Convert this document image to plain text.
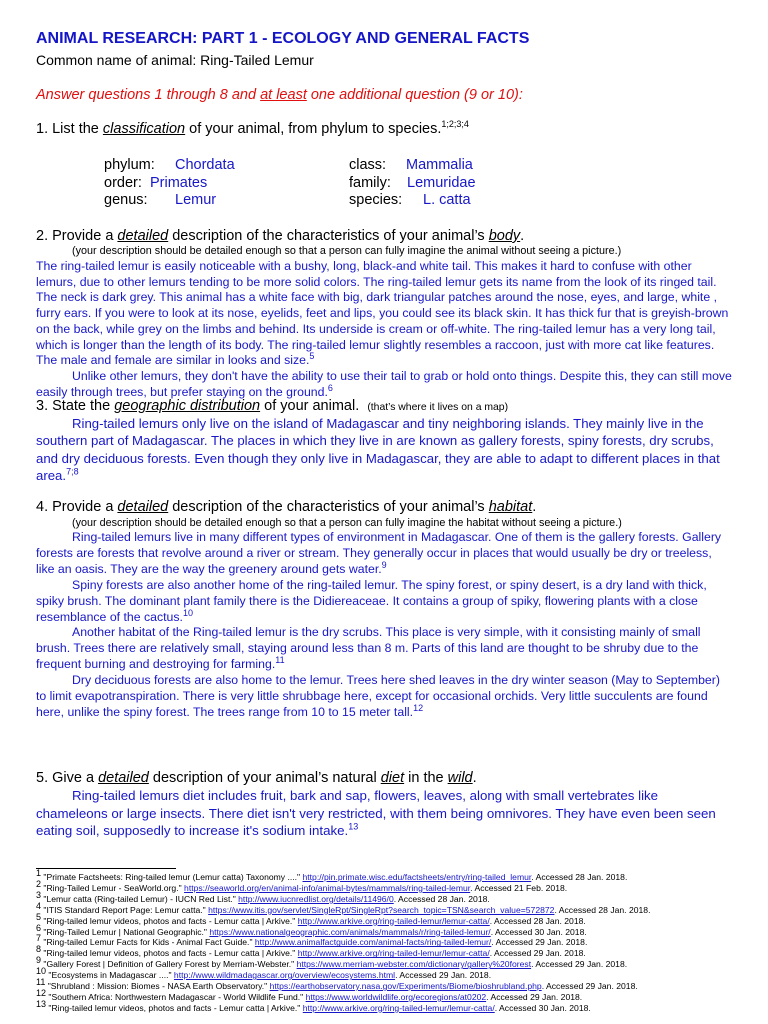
ANIMAL RESEARCH: PART 1 - ECOLOGY AND GENERAL FACTS
Common name of animal: Ring-Tailed Lemur
Answer questions 1 through 8 and at least one additional question (9 or 10):
1. List the classification of your animal, from phylum to species.$^{1;2;3;4}$
phylum: Chordata	class: Mammalia
order: Primates	family: Lemuridae
genus: Lemur	species: L. catta
2. Provide a detailed description of the characteristics of your animal’s body.
(your description should be detailed enough so that a person can fully imagine the animal without seeing a picture.)

The ring-tailed lemur is easily noticeable with a bushy, long, black-and white tail. This makes it hard to confuse with other lemurs, due to other lemurs tending to be more solid colors. The ring-tailed lemur gets its name from the look of its ringed tail. The neck is dark grey. This animal has a white face with big, dark triangular patches around the nose, eyes, and large, white , furry ears. If you were to look at its nose, eyelids, feet and lips, you could see its black skin. It has thick fur that is greyish-brown on the back, while grey on the limbs and behind. Its underside is cream or off-white. The ring-tailed lemur has a very long tail, which is longer than the length of its body. The ring-tailed lemur slightly resembles a raccoon, just with more cat like features. The male and female are similar in looks and size.$^5$

Unlike other lemurs, they don't have the ability to use their tail to grab or hold onto things. Despite this, they can still move easily through trees, but prefer staying on the ground.$^6$

3. State the geographic distribution of your animal. (that’s where it lives on a map)

Ring-tailed lemurs only live on the island of Madagascar and tiny neighboring islands. They mainly live in the southern part of Madagascar. The places in which they live in are known as gallery forests, spiny forests, dry scrubs, and dry deciduous forests. Even though they only live in Madagascar, they are able to adapt to different places in that area.$^{7;8}$

4. Provide a detailed description of the characteristics of your animal’s habitat.
(your description should be detailed enough so that a person can fully imagine the habitat without seeing a picture.)

Ring-tailed lemurs live in many different types of environment in Madagascar. One of them is the gallery forests. Gallery forests are forests that revolve around a river or stream. They generally occur in places that would usually be dry or treeless, like an oasis. They are the way the greenery around gets water.$^9$

Spiny forests are also another home of the ring-tailed lemur. The spiny forest, or spiny desert, is a dry land with thick, spiky brush. The dominant plant family there is the Didiereaceae. It contains a group of spiky, flowering plants with a close resemblance of the cactus.$^{10}$

Another habitat of the Ring-tailed lemur is the dry scrubs. This place is very simple, with it consisting mainly of small brush. Trees there are relatively small, staying around less than 8 m. Parts of this land are thought to be shruby due to the frequent burning and destroying for farming.$^{11}$

Dry deciduous forests are also home to the lemur. Trees here shed leaves in the dry winter season (May to September) to limit evapotranspiration. There is very little shrubbage here, except for occasional orchids. Very little succulents are found here, unlike the spiny forest. The trees range from 10 to 15 meter tall.$^{12}$

5. Give a detailed description of your animal’s natural diet in the wild.

Ring-tailed lemurs diet includes fruit, bark and sap, flowers, leaves, along with small vertebrates like chameleons or large insects. There diet isn't very restricted, with them being omnivores. They have even been seen eating soil, supposedly to increase it's sodium intake.$^{13}$

1 "Primate Factsheets: Ring-tailed lemur (Lemur catta) Taxonomy ...." http://pin.primate.wisc.edu/factsheets/entry/ring-tailed_lemur. Accessed 28 Jan. 2018.
2 "Ring-Tailed Lemur - SeaWorld.org." https://seaworld.org/en/animal-info/animal-bytes/mammals/ring-tailed-lemur. Accessed 21 Feb. 2018.
3 "Lemur catta (Ring-tailed Lemur) - IUCN Red List." http://www.iucnredlist.org/details/11496/0. Accessed 28 Jan. 2018.
4 "ITIS Standard Report Page: Lemur catta." https://www.itis.gov/servlet/SingleRpt/SingleRpt?search_topic=TSN&search_value=572872. Accessed 28 Jan. 2018.
5 "Ring-tailed lemur videos, photos and facts - Lemur catta | Arkive." http://www.arkive.org/ring-tailed-lemur/lemur-catta/. Accessed 28 Jan. 2018.
6 "Ring-Tailed Lemur | National Geographic." https://www.nationalgeographic.com/animals/mammals/r/ring-tailed-lemur/. Accessed 30 Jan. 2018.
7 "Ring-tailed Lemur Facts for Kids - Animal Fact Guide." http://www.animalfactguide.com/animal-facts/ring-tailed-lemur/. Accessed 29 Jan. 2018.
8 "Ring-tailed lemur videos, photos and facts - Lemur catta | Arkive." http://www.arkive.org/ring-tailed-lemur/lemur-catta/. Accessed 29 Jan. 2018.
9 "Gallery Forest | Definition of Gallery Forest by Merriam-Webster." https://www.merriam-webster.com/dictionary/gallery%20forest. Accessed 29 Jan. 2018.
10 "Ecosystems in Madagascar ...." http://www.wildmadagascar.org/overview/ecosystems.html. Accessed 29 Jan. 2018.
11 "Shrubland : Mission: Biomes - NASA Earth Observatory." https://earthobservatory.nasa.gov/Experiments/Biome/bioshrubland.php. Accessed 29 Jan. 2018.
12 "Southern Africa: Northwestern Madagascar - World Wildlife Fund." https://www.worldwildlife.org/ecoregions/at0202. Accessed 29 Jan. 2018.
13 "Ring-tailed lemur videos, photos and facts - Lemur catta | Arkive." http://www.arkive.org/ring-tailed-lemur/lemur-catta/. Accessed 30 Jan. 2018.
